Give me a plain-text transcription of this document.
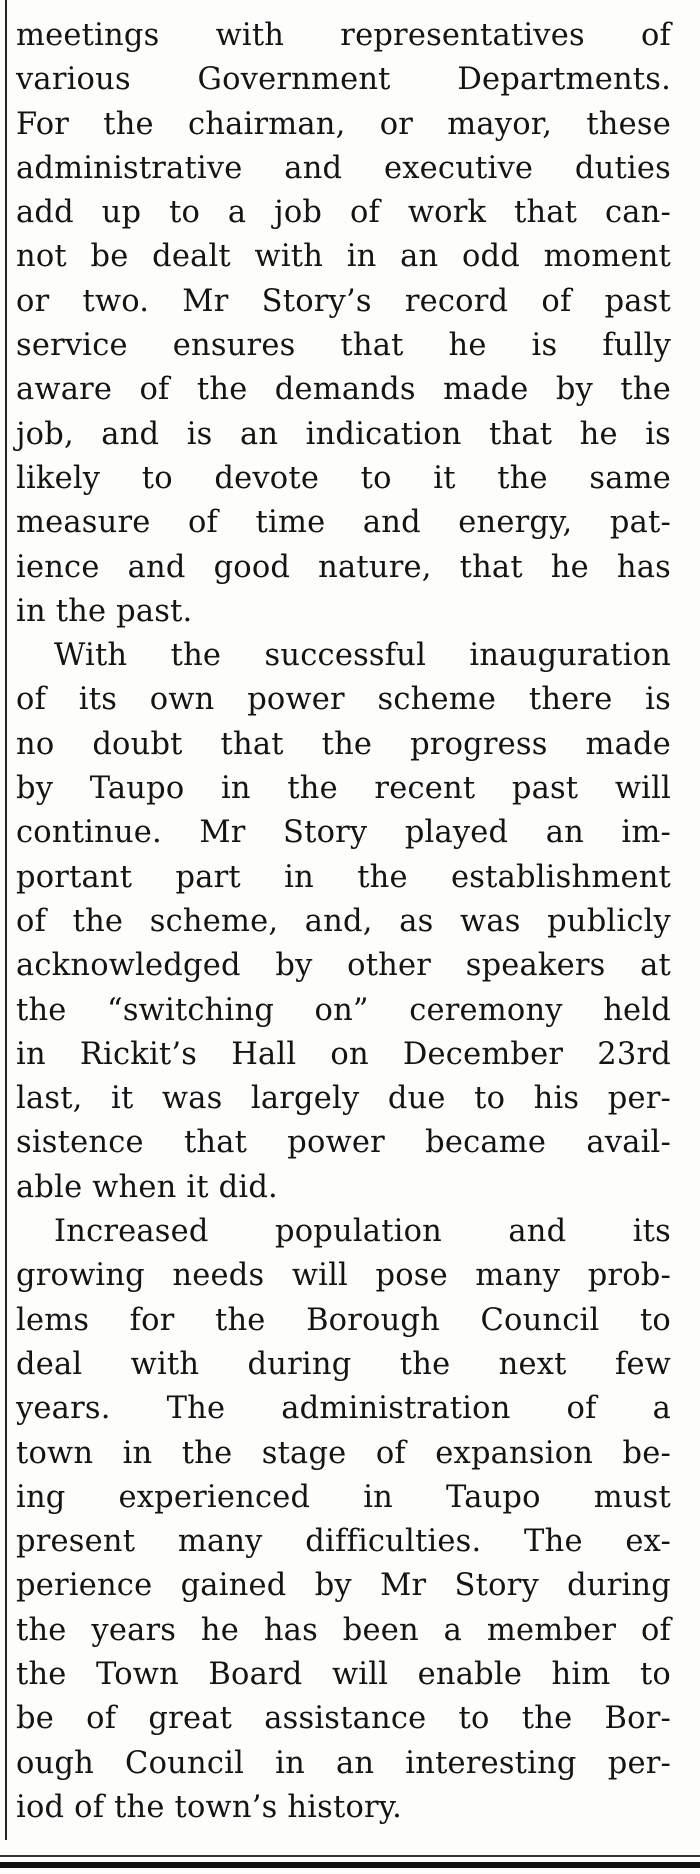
meetings with representatives of
various Government Departments.
For the chairman, or mayor, these
administrative and executive duties
add up to a job of work that can-
not be dealt with in an odd moment
or two. Mr Story’s record of past
service ensures that he is fully
aware of the demands made by the
job, and is an indication that he is
likely to devote to it the same
measure of time and energy, pat-
ience and good nature, that he has
in the past.
With the successful inauguration
of its own power scheme there is
no doubt that the progress made
by Taupo in the recent past will
continue. Mr Story played an im-
portant part in the establishment
of the scheme, and, as was publicly
acknowledged by other speakers at
the “switching on” ceremony held
in Rickit’s Hall on December 23rd
last, it was largely due to his per-
sistence that power became avail-
able when it did.
Increased population and its
growing needs will pose many prob-
lems for the Borough Council to
deal with during the next few
years. The administration of a
town in the stage of expansion be-
ing experienced in Taupo must
present many difficulties. The ex-
perience gained by Mr Story during
the years he has been a member of
the Town Board will enable him to
be of great assistance to the Bor-
ough Council in an interesting per-
iod of the town’s history.
